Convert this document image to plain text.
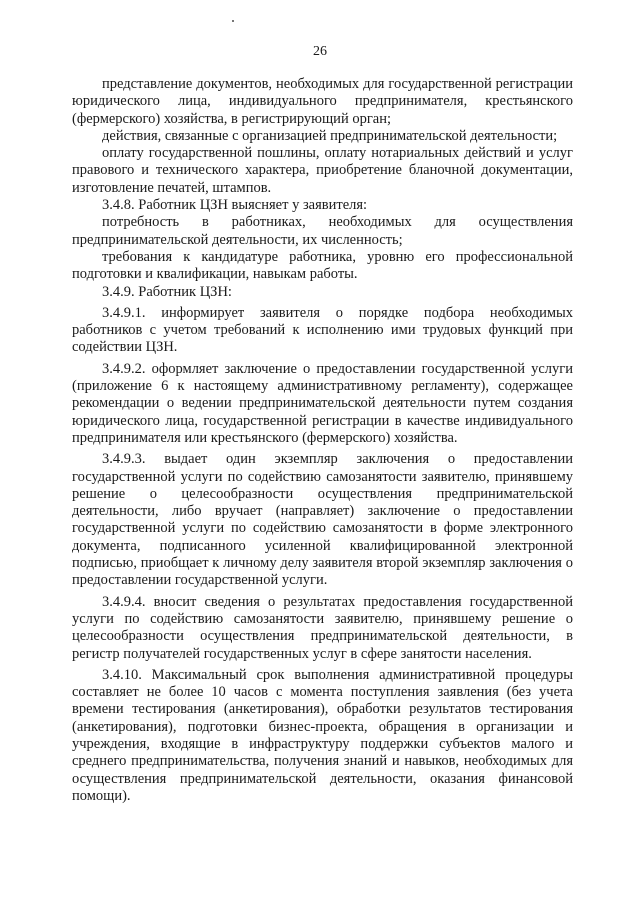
26

представление документов, необходимых для государственной регистрации юридического лица, индивидуального предпринимателя, крестьянского (фермерского) хозяйства, в регистрирующий орган;

действия, связанные с организацией предпринимательской деятельности;

оплату государственной пошлины, оплату нотариальных действий и услуг правового и технического характера, приобретение бланочной документации, изготовление печатей, штампов.

3.4.8. Работник ЦЗН выясняет у заявителя:

потребность в работниках, необходимых для осуществления предпринимательской деятельности, их численность;

требования к кандидатуре работника, уровню его профессиональной подготовки и квалификации, навыкам работы.

3.4.9. Работник ЦЗН:

3.4.9.1. информирует заявителя о порядке подбора необходимых работников с учетом требований к исполнению ими трудовых функций при содействии ЦЗН.

3.4.9.2. оформляет заключение о предоставлении государственной услуги (приложение 6 к настоящему административному регламенту), содержащее рекомендации о ведении предпринимательской деятельности путем создания юридического лица, государственной регистрации в качестве индивидуального предпринимателя или крестьянского (фермерского) хозяйства.

3.4.9.3. выдает один экземпляр заключения о предоставлении государственной услуги по содействию самозанятости заявителю, принявшему решение о целесообразности осуществления предпринимательской деятельности, либо вручает (направляет) заключение о предоставлении государственной услуги по содействию самозанятости в форме электронного документа, подписанного усиленной квалифицированной электронной подписью, приобщает к личному делу заявителя второй экземпляр заключения о предоставлении государственной услуги.

3.4.9.4. вносит сведения о результатах предоставления государственной услуги по содействию самозанятости заявителю, принявшему решение о целесообразности осуществления предпринимательской деятельности, в регистр получателей государственных услуг в сфере занятости населения.

3.4.10. Максимальный срок выполнения административной процедуры составляет не более 10 часов с момента поступления заявления (без учета времени тестирования (анкетирования), обработки результатов тестирования (анкетирования), подготовки бизнес-проекта, обращения в организации и учреждения, входящие в инфраструктуру поддержки субъектов малого и среднего предпринимательства, получения знаний и навыков, необходимых для осуществления предпринимательской деятельности, оказания финансовой помощи).
